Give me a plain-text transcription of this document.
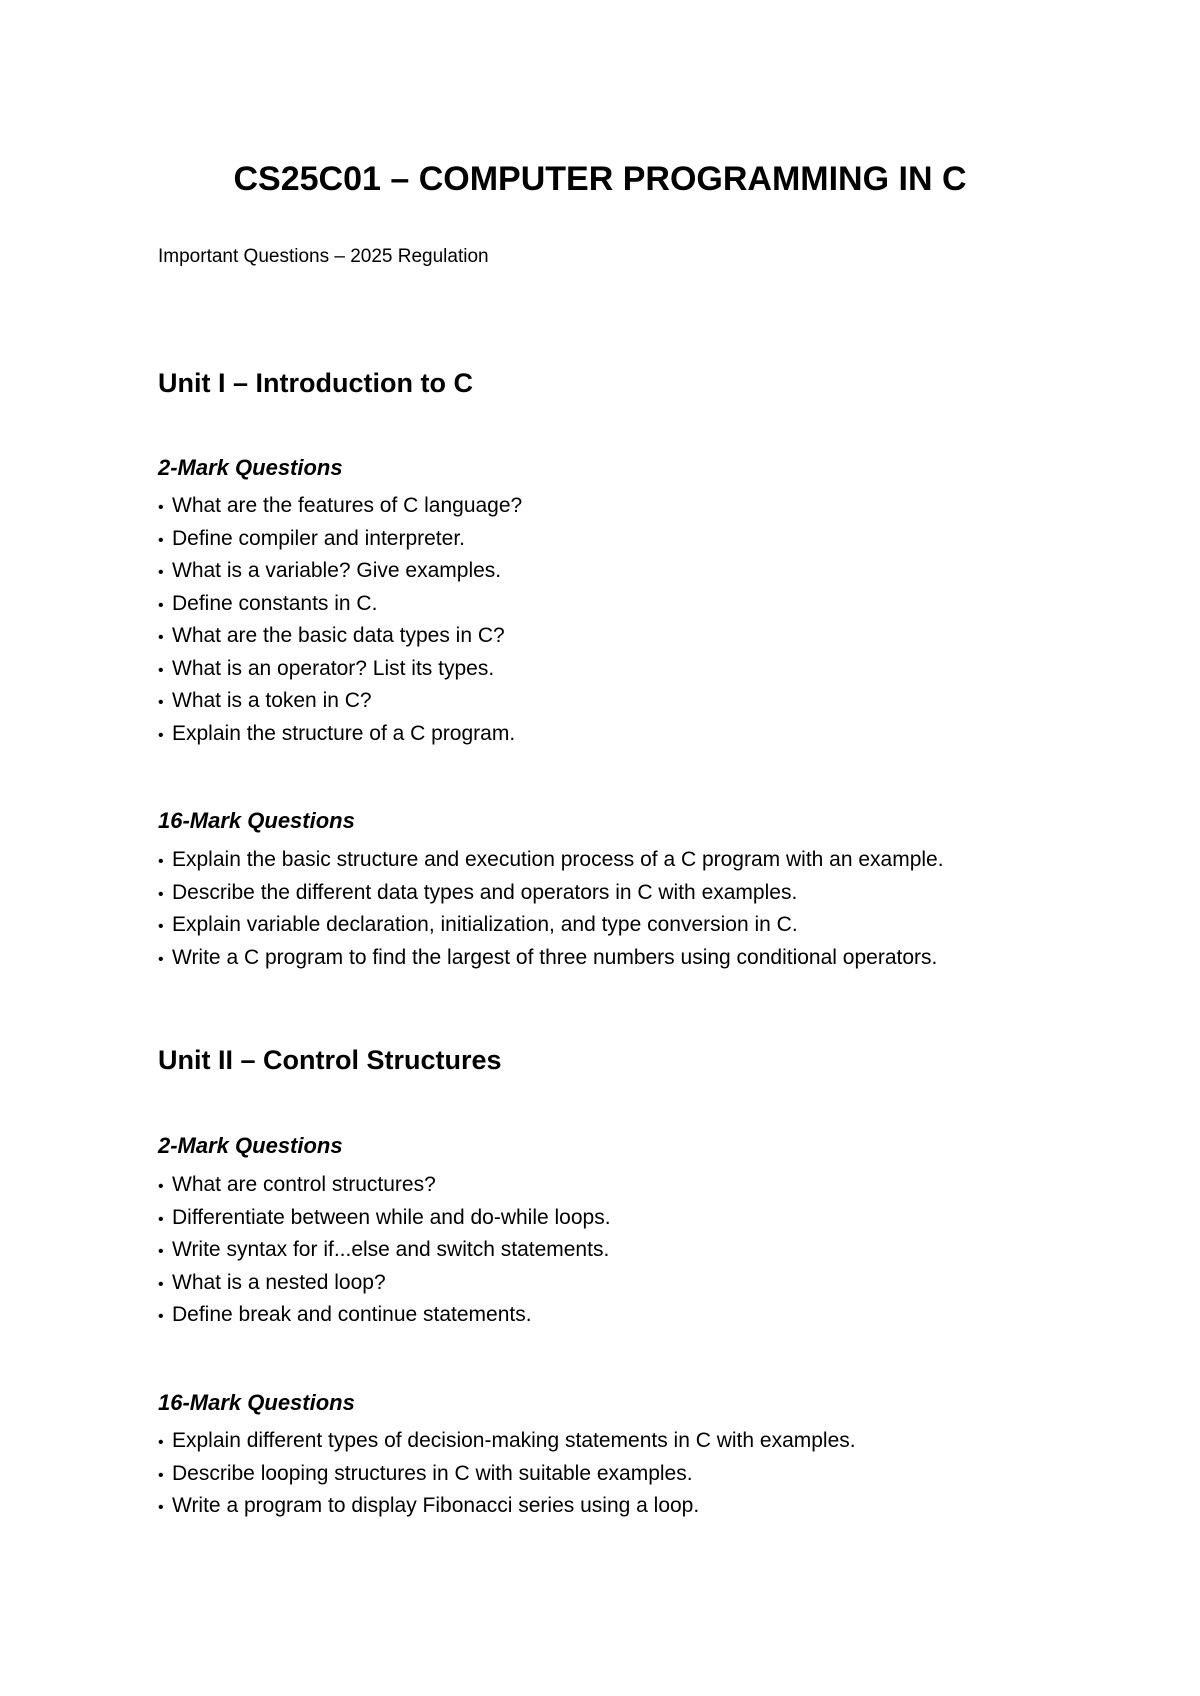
CS25C01 – COMPUTER PROGRAMMING IN C
Important Questions – 2025 Regulation
Unit I – Introduction to C
2-Mark Questions
• What are the features of C language?
• Define compiler and interpreter.
• What is a variable? Give examples.
• Define constants in C.
• What are the basic data types in C?
• What is an operator? List its types.
• What is a token in C?
• Explain the structure of a C program.
16-Mark Questions
• Explain the basic structure and execution process of a C program with an example.
• Describe the different data types and operators in C with examples.
• Explain variable declaration, initialization, and type conversion in C.
• Write a C program to find the largest of three numbers using conditional operators.
Unit II – Control Structures
2-Mark Questions
• What are control structures?
• Differentiate between while and do-while loops.
• Write syntax for if...else and switch statements.
• What is a nested loop?
• Define break and continue statements.
16-Mark Questions
• Explain different types of decision-making statements in C with examples.
• Describe looping structures in C with suitable examples.
• Write a program to display Fibonacci series using a loop.
